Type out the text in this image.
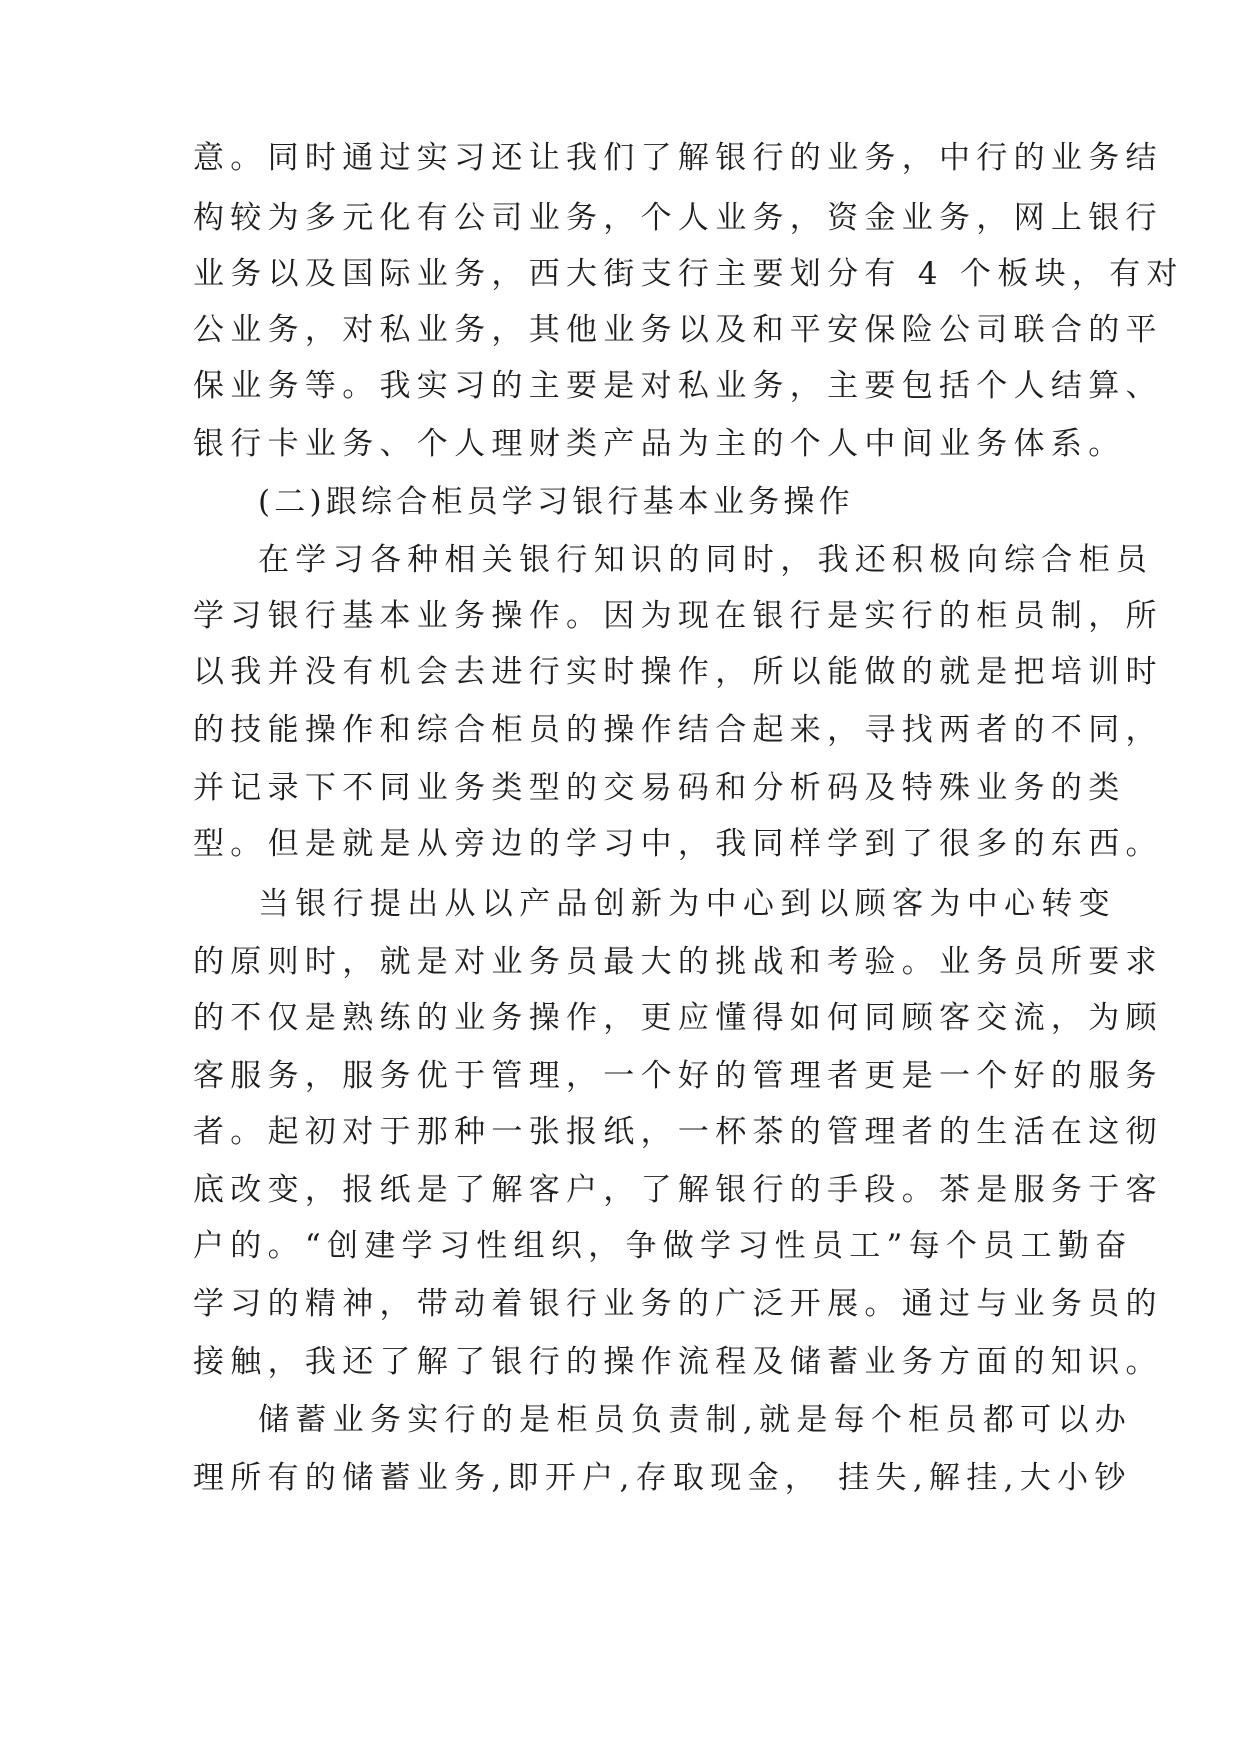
意。同时通过实习还让我们了解银行的业务，中行的业务结
构较为多元化有公司业务，个人业务，资金业务，网上银行
业务以及国际业务，西大街支行主要划分有 4 个板块，有对
公业务，对私业务，其他业务以及和平安保险公司联合的平
保业务等。我实习的主要是对私业务，主要包括个人结算、
银行卡业务、个人理财类产品为主的个人中间业务体系。
(二)跟综合柜员学习银行基本业务操作
在学习各种相关银行知识的同时，我还积极向综合柜员
学习银行基本业务操作。因为现在银行是实行的柜员制，所
以我并没有机会去进行实时操作，所以能做的就是把培训时
的技能操作和综合柜员的操作结合起来，寻找两者的不同，
并记录下不同业务类型的交易码和分析码及特殊业务的类
型。但是就是从旁边的学习中，我同样学到了很多的东西。
当银行提出从以产品创新为中心到以顾客为中心转变
的原则时，就是对业务员最大的挑战和考验。业务员所要求
的不仅是熟练的业务操作，更应懂得如何同顾客交流，为顾
客服务，服务优于管理，一个好的管理者更是一个好的服务
者。起初对于那种一张报纸，一杯茶的管理者的生活在这彻
底改变，报纸是了解客户，了解银行的手段。茶是服务于客
户的。“创建学习性组织，争做学习性员工”每个员工勤奋
学习的精神，带动着银行业务的广泛开展。通过与业务员的
接触，我还了解了银行的操作流程及储蓄业务方面的知识。
储蓄业务实行的是柜员负责制,就是每个柜员都可以办
理所有的储蓄业务,即开户,存取现金， 挂失,解挂,大小钞
